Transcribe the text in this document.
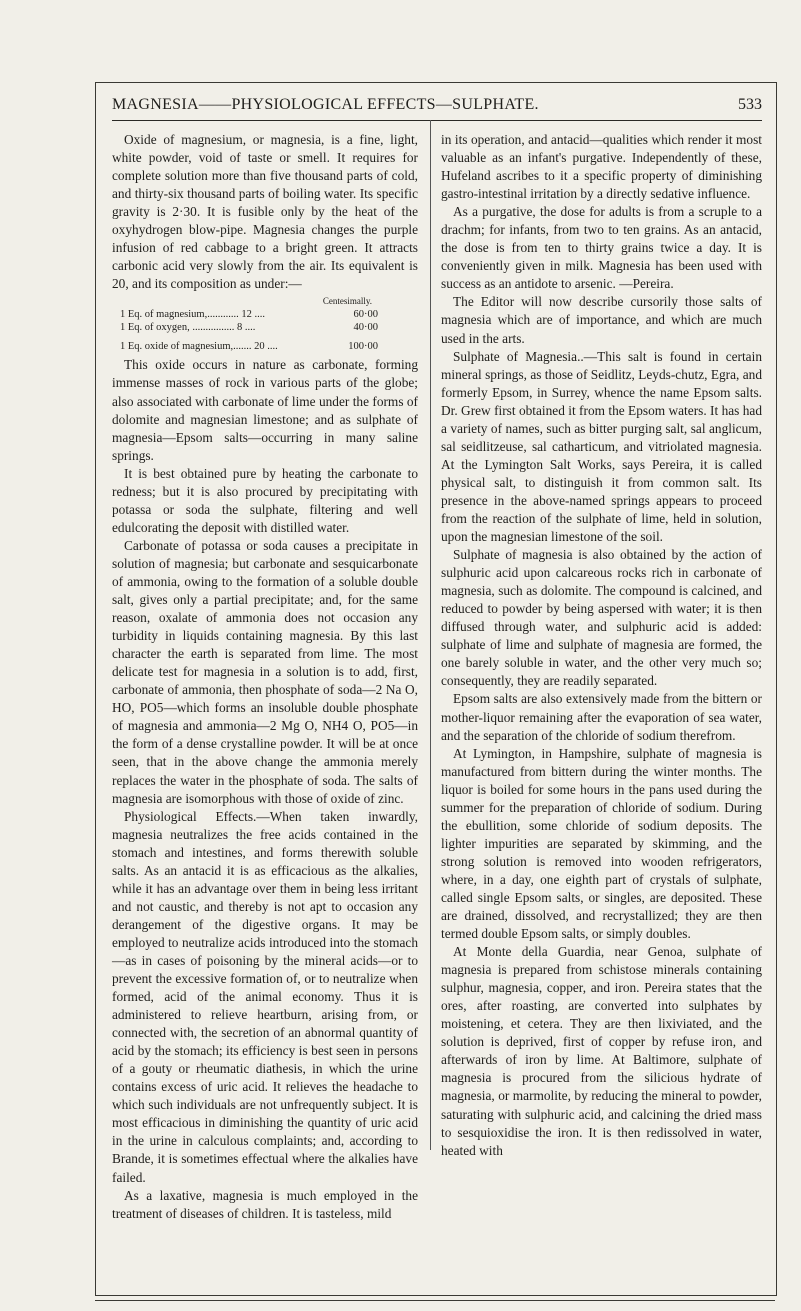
MAGNESIA——PHYSIOLOGICAL EFFECTS—SULPHATE.	533

Oxide of magnesium, or magnesia, is a fine, light, white powder, void of taste or smell. It requires for complete solution more than five thousand parts of cold, and thirty-six thousand parts of boiling water. Its specific gravity is 2·30. It is fusible only by the heat of the oxyhydrogen blow-pipe. Magnesia changes the purple infusion of red cabbage to a bright green. It attracts carbonic acid very slowly from the air. Its equivalent is 20, and its composition as under:—

Centesimally.
1 Eq. of magnesium,............ 12 ....	60·00
1 Eq. of oxygen, ................ 8 ....	40·00
1 Eq. oxide of magnesium,....... 20 ....	100·00

This oxide occurs in nature as carbonate, forming immense masses of rock in various parts of the globe; also associated with carbonate of lime under the forms of dolomite and magnesian limestone; and as sulphate of magnesia—Epsom salts—occurring in many saline springs.

It is best obtained pure by heating the carbonate to redness; but it is also procured by precipitating with potassa or soda the sulphate, filtering and well edulcorating the deposit with distilled water.

Carbonate of potassa or soda causes a precipitate in solution of magnesia; but carbonate and sesquicarbonate of ammonia, owing to the formation of a soluble double salt, gives only a partial precipitate; and, for the same reason, oxalate of ammonia does not occasion any turbidity in liquids containing magnesia. By this last character the earth is separated from lime. The most delicate test for magnesia in a solution is to add, first, carbonate of ammonia, then phosphate of soda—2 Na O, HO, PO5—which forms an insoluble double phosphate of magnesia and ammonia—2 Mg O, NH4 O, PO5—in the form of a dense crystalline powder. It will be at once seen, that in the above change the ammonia merely replaces the water in the phosphate of soda. The salts of magnesia are isomorphous with those of oxide of zinc.

Physiological Effects.—When taken inwardly, magnesia neutralizes the free acids contained in the stomach and intestines, and forms therewith soluble salts. As an antacid it is as efficacious as the alkalies, while it has an advantage over them in being less irritant and not caustic, and thereby is not apt to occasion any derangement of the digestive organs. It may be employed to neutralize acids introduced into the stomach—as in cases of poisoning by the mineral acids—or to prevent the excessive formation of, or to neutralize when formed, acid of the animal economy. Thus it is administered to relieve heartburn, arising from, or connected with, the secretion of an abnormal quantity of acid by the stomach; its efficiency is best seen in persons of a gouty or rheumatic diathesis, in which the urine contains excess of uric acid. It relieves the headache to which such individuals are not unfrequently subject. It is most efficacious in diminishing the quantity of uric acid in the urine in calculous complaints; and, according to Brande, it is sometimes effectual where the alkalies have failed.

As a laxative, magnesia is much employed in the treatment of diseases of children. It is tasteless, mild

in its operation, and antacid—qualities which render it most valuable as an infant's purgative. Independently of these, Hufeland ascribes to it a specific property of diminishing gastro-intestinal irritation by a directly sedative influence.

As a purgative, the dose for adults is from a scruple to a drachm; for infants, from two to ten grains. As an antacid, the dose is from ten to thirty grains twice a day. It is conveniently given in milk. Magnesia has been used with success as an antidote to arsenic. —Pereira.

The Editor will now describe cursorily those salts of magnesia which are of importance, and which are much used in the arts.

Sulphate of Magnesia..—This salt is found in certain mineral springs, as those of Seidlitz, Leyds-chutz, Egra, and formerly Epsom, in Surrey, whence the name Epsom salts. Dr. Grew first obtained it from the Epsom waters. It has had a variety of names, such as bitter purging salt, sal anglicum, sal seidlitzeuse, sal catharticum, and vitriolated magnesia. At the Lymington Salt Works, says Pereira, it is called physical salt, to distinguish it from common salt. Its presence in the above-named springs appears to proceed from the reaction of the sulphate of lime, held in solution, upon the magnesian limestone of the soil.

Sulphate of magnesia is also obtained by the action of sulphuric acid upon calcareous rocks rich in carbonate of magnesia, such as dolomite. The compound is calcined, and reduced to powder by being aspersed with water; it is then diffused through water, and sulphuric acid is added: sulphate of lime and sulphate of magnesia are formed, the one barely soluble in water, and the other very much so; consequently, they are readily separated.

Epsom salts are also extensively made from the bittern or mother-liquor remaining after the evaporation of sea water, and the separation of the chloride of sodium therefrom.

At Lymington, in Hampshire, sulphate of magnesia is manufactured from bittern during the winter months. The liquor is boiled for some hours in the pans used during the summer for the preparation of chloride of sodium. During the ebullition, some chloride of sodium deposits. The lighter impurities are separated by skimming, and the strong solution is removed into wooden refrigerators, where, in a day, one eighth part of crystals of sulphate, called single Epsom salts, or singles, are deposited. These are drained, dissolved, and recrystallized; they are then termed double Epsom salts, or simply doubles.

At Monte della Guardia, near Genoa, sulphate of magnesia is prepared from schistose minerals containing sulphur, magnesia, copper, and iron. Pereira states that the ores, after roasting, are converted into sulphates by moistening, et cetera. They are then lixiviated, and the solution is deprived, first of copper by refuse iron, and afterwards of iron by lime. At Baltimore, sulphate of magnesia is procured from the silicious hydrate of magnesia, or marmolite, by reducing the mineral to powder, saturating with sulphuric acid, and calcining the dried mass to sesquioxidise the iron. It is then redissolved in water, heated with
